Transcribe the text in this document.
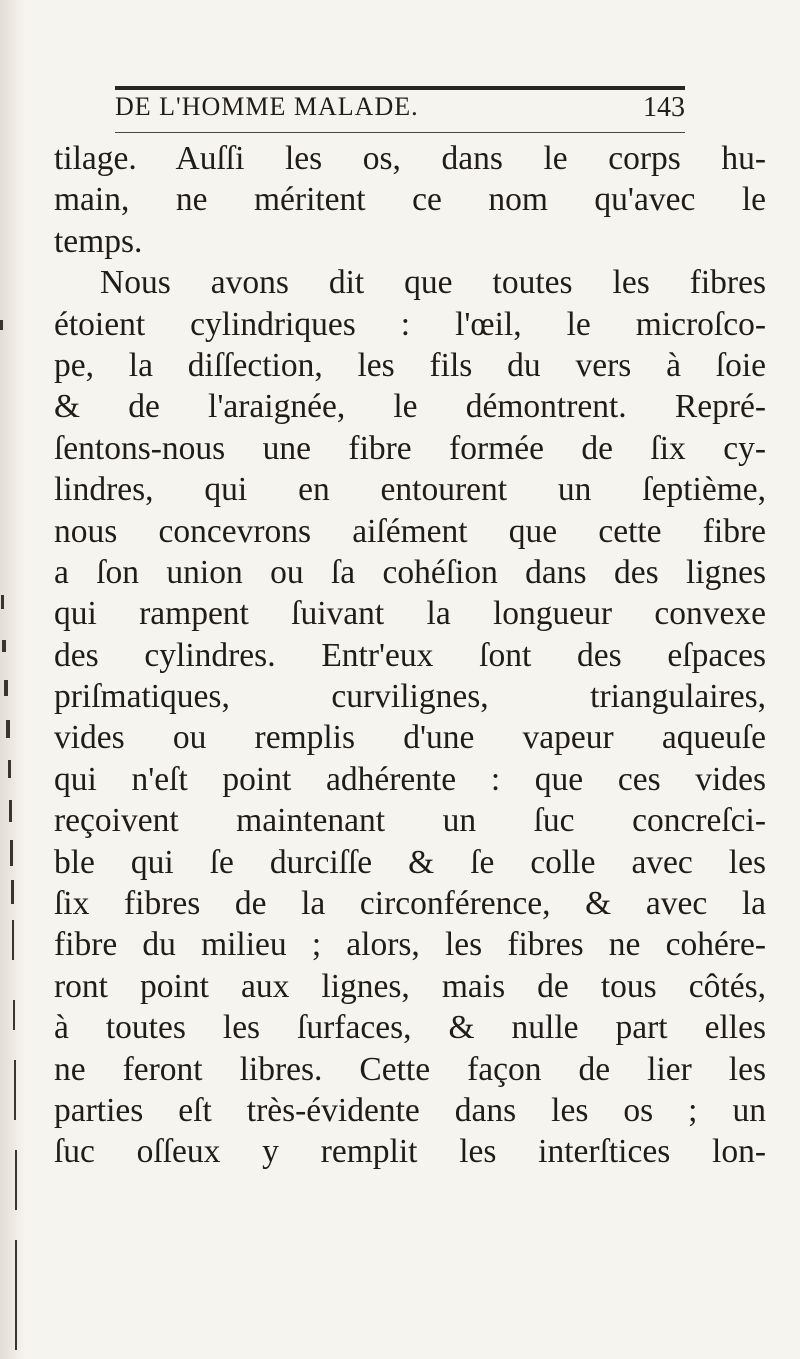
DE L'HOMME MALADE.	143
tilage. Auſſi les os, dans le corps hu-
main, ne méritent ce nom qu'avec le
temps.
Nous avons dit que toutes les fibres
étoient cylindriques : l'œil, le microſco-
pe, la diſſection, les fils du vers à ſoie
& de l'araignée, le démontrent. Repré-
ſentons-nous une fibre formée de ſix cy-
lindres, qui en entourent un ſeptième,
nous concevrons aiſément que cette fibre
a ſon union ou ſa cohéſion dans des lignes
qui rampent ſuivant la longueur convexe
des cylindres. Entr'eux ſont des eſpaces
priſmatiques, curvilignes, triangulaires,
vides ou remplis d'une vapeur aqueuſe
qui n'eſt point adhérente : que ces vides
reçoivent maintenant un ſuc concreſci-
ble qui ſe durciſſe & ſe colle avec les
ſix fibres de la circonférence, & avec la
fibre du milieu ; alors, les fibres ne cohére-
ront point aux lignes, mais de tous côtés,
à toutes les ſurfaces, & nulle part elles
ne feront libres. Cette façon de lier les
parties eſt très-évidente dans les os ; un
ſuc oſſeux y remplit les interſtices lon-
